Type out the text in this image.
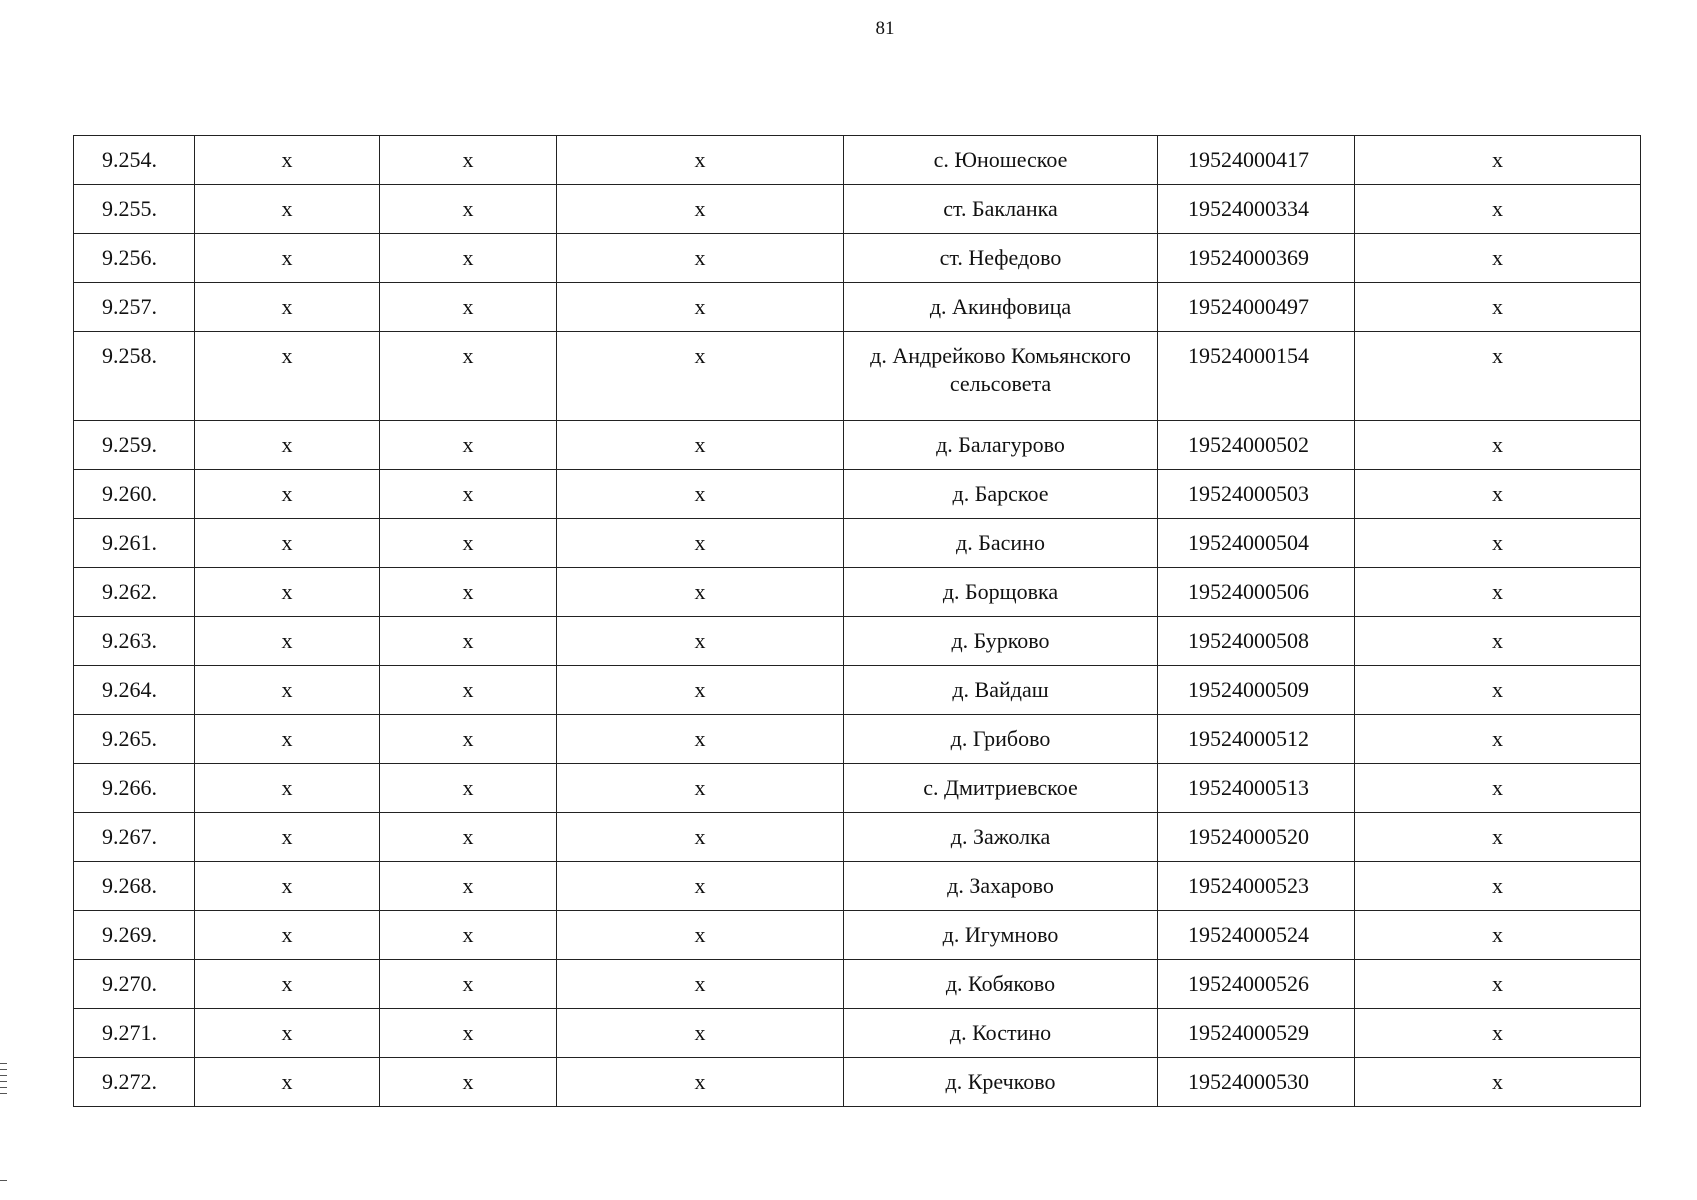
81
9.254.	x	x	x	с. Юношеское	19524000417	x
9.255.	x	x	x	ст. Бакланка	19524000334	x
9.256.	x	x	x	ст. Нефедово	19524000369	x
9.257.	x	x	x	д. Акинфовица	19524000497	x
9.258.	x	x	x	д. Андрейково Комьянского сельсовета	19524000154	x
9.259.	x	x	x	д. Балагурово	19524000502	x
9.260.	x	x	x	д. Барское	19524000503	x
9.261.	x	x	x	д. Басино	19524000504	x
9.262.	x	x	x	д. Борщовка	19524000506	x
9.263.	x	x	x	д. Бурково	19524000508	x
9.264.	x	x	x	д. Вайдаш	19524000509	x
9.265.	x	x	x	д. Грибово	19524000512	x
9.266.	x	x	x	с. Дмитриевское	19524000513	x
9.267.	x	x	x	д. Зажолка	19524000520	x
9.268.	x	x	x	д. Захарово	19524000523	x
9.269.	x	x	x	д. Игумново	19524000524	x
9.270.	x	x	x	д. Кобяково	19524000526	x
9.271.	x	x	x	д. Костино	19524000529	x
9.272.	x	x	x	д. Кречково	19524000530	x
